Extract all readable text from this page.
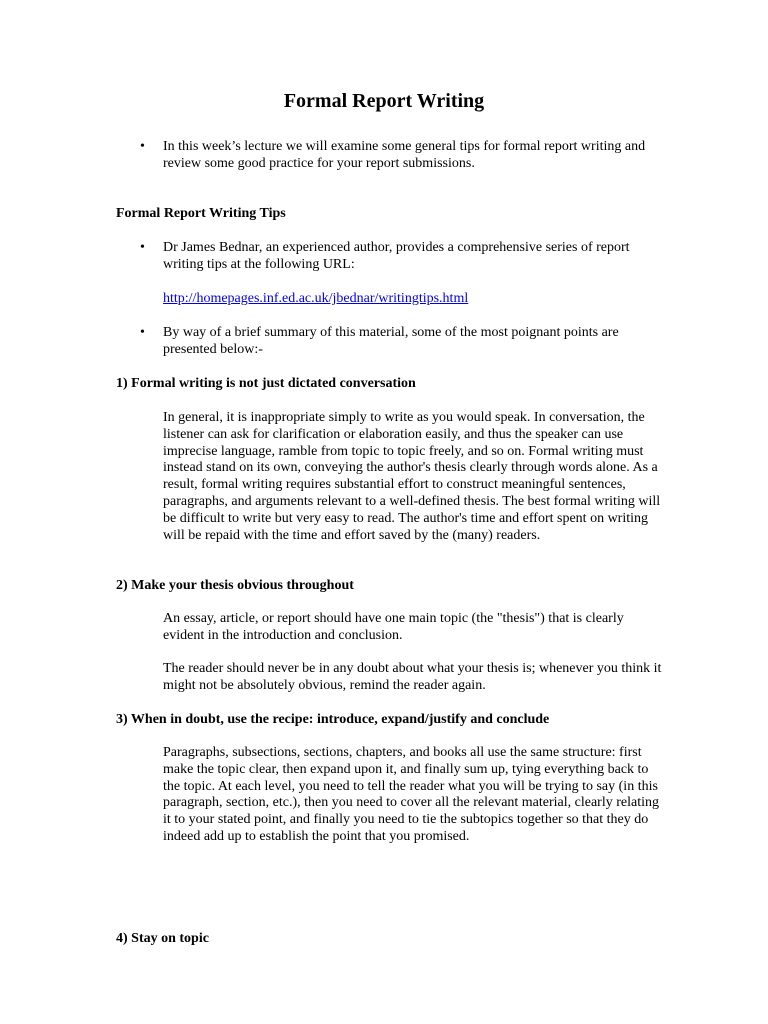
Formal Report Writing
• In this week’s lecture we will examine some general tips for formal report writing and review some good practice for your report submissions.
Formal Report Writing Tips
• Dr James Bednar, an experienced author, provides a comprehensive series of report writing tips at the following URL:
http://homepages.inf.ed.ac.uk/jbednar/writingtips.html
• By way of a brief summary of this material, some of the most poignant points are presented below:-
1) Formal writing is not just dictated conversation
In general, it is inappropriate simply to write as you would speak. In conversation, the listener can ask for clarification or elaboration easily, and thus the speaker can use imprecise language, ramble from topic to topic freely, and so on. Formal writing must instead stand on its own, conveying the author's thesis clearly through words alone. As a result, formal writing requires substantial effort to construct meaningful sentences, paragraphs, and arguments relevant to a well-defined thesis. The best formal writing will be difficult to write but very easy to read. The author's time and effort spent on writing will be repaid with the time and effort saved by the (many) readers.
2) Make your thesis obvious throughout
An essay, article, or report should have one main topic (the "thesis") that is clearly evident in the introduction and conclusion.
The reader should never be in any doubt about what your thesis is; whenever you think it might not be absolutely obvious, remind the reader again.
3) When in doubt, use the recipe: introduce, expand/justify and conclude
Paragraphs, subsections, sections, chapters, and books all use the same structure: first make the topic clear, then expand upon it, and finally sum up, tying everything back to the topic. At each level, you need to tell the reader what you will be trying to say (in this paragraph, section, etc.), then you need to cover all the relevant material, clearly relating it to your stated point, and finally you need to tie the subtopics together so that they do indeed add up to establish the point that you promised.
4) Stay on topic
